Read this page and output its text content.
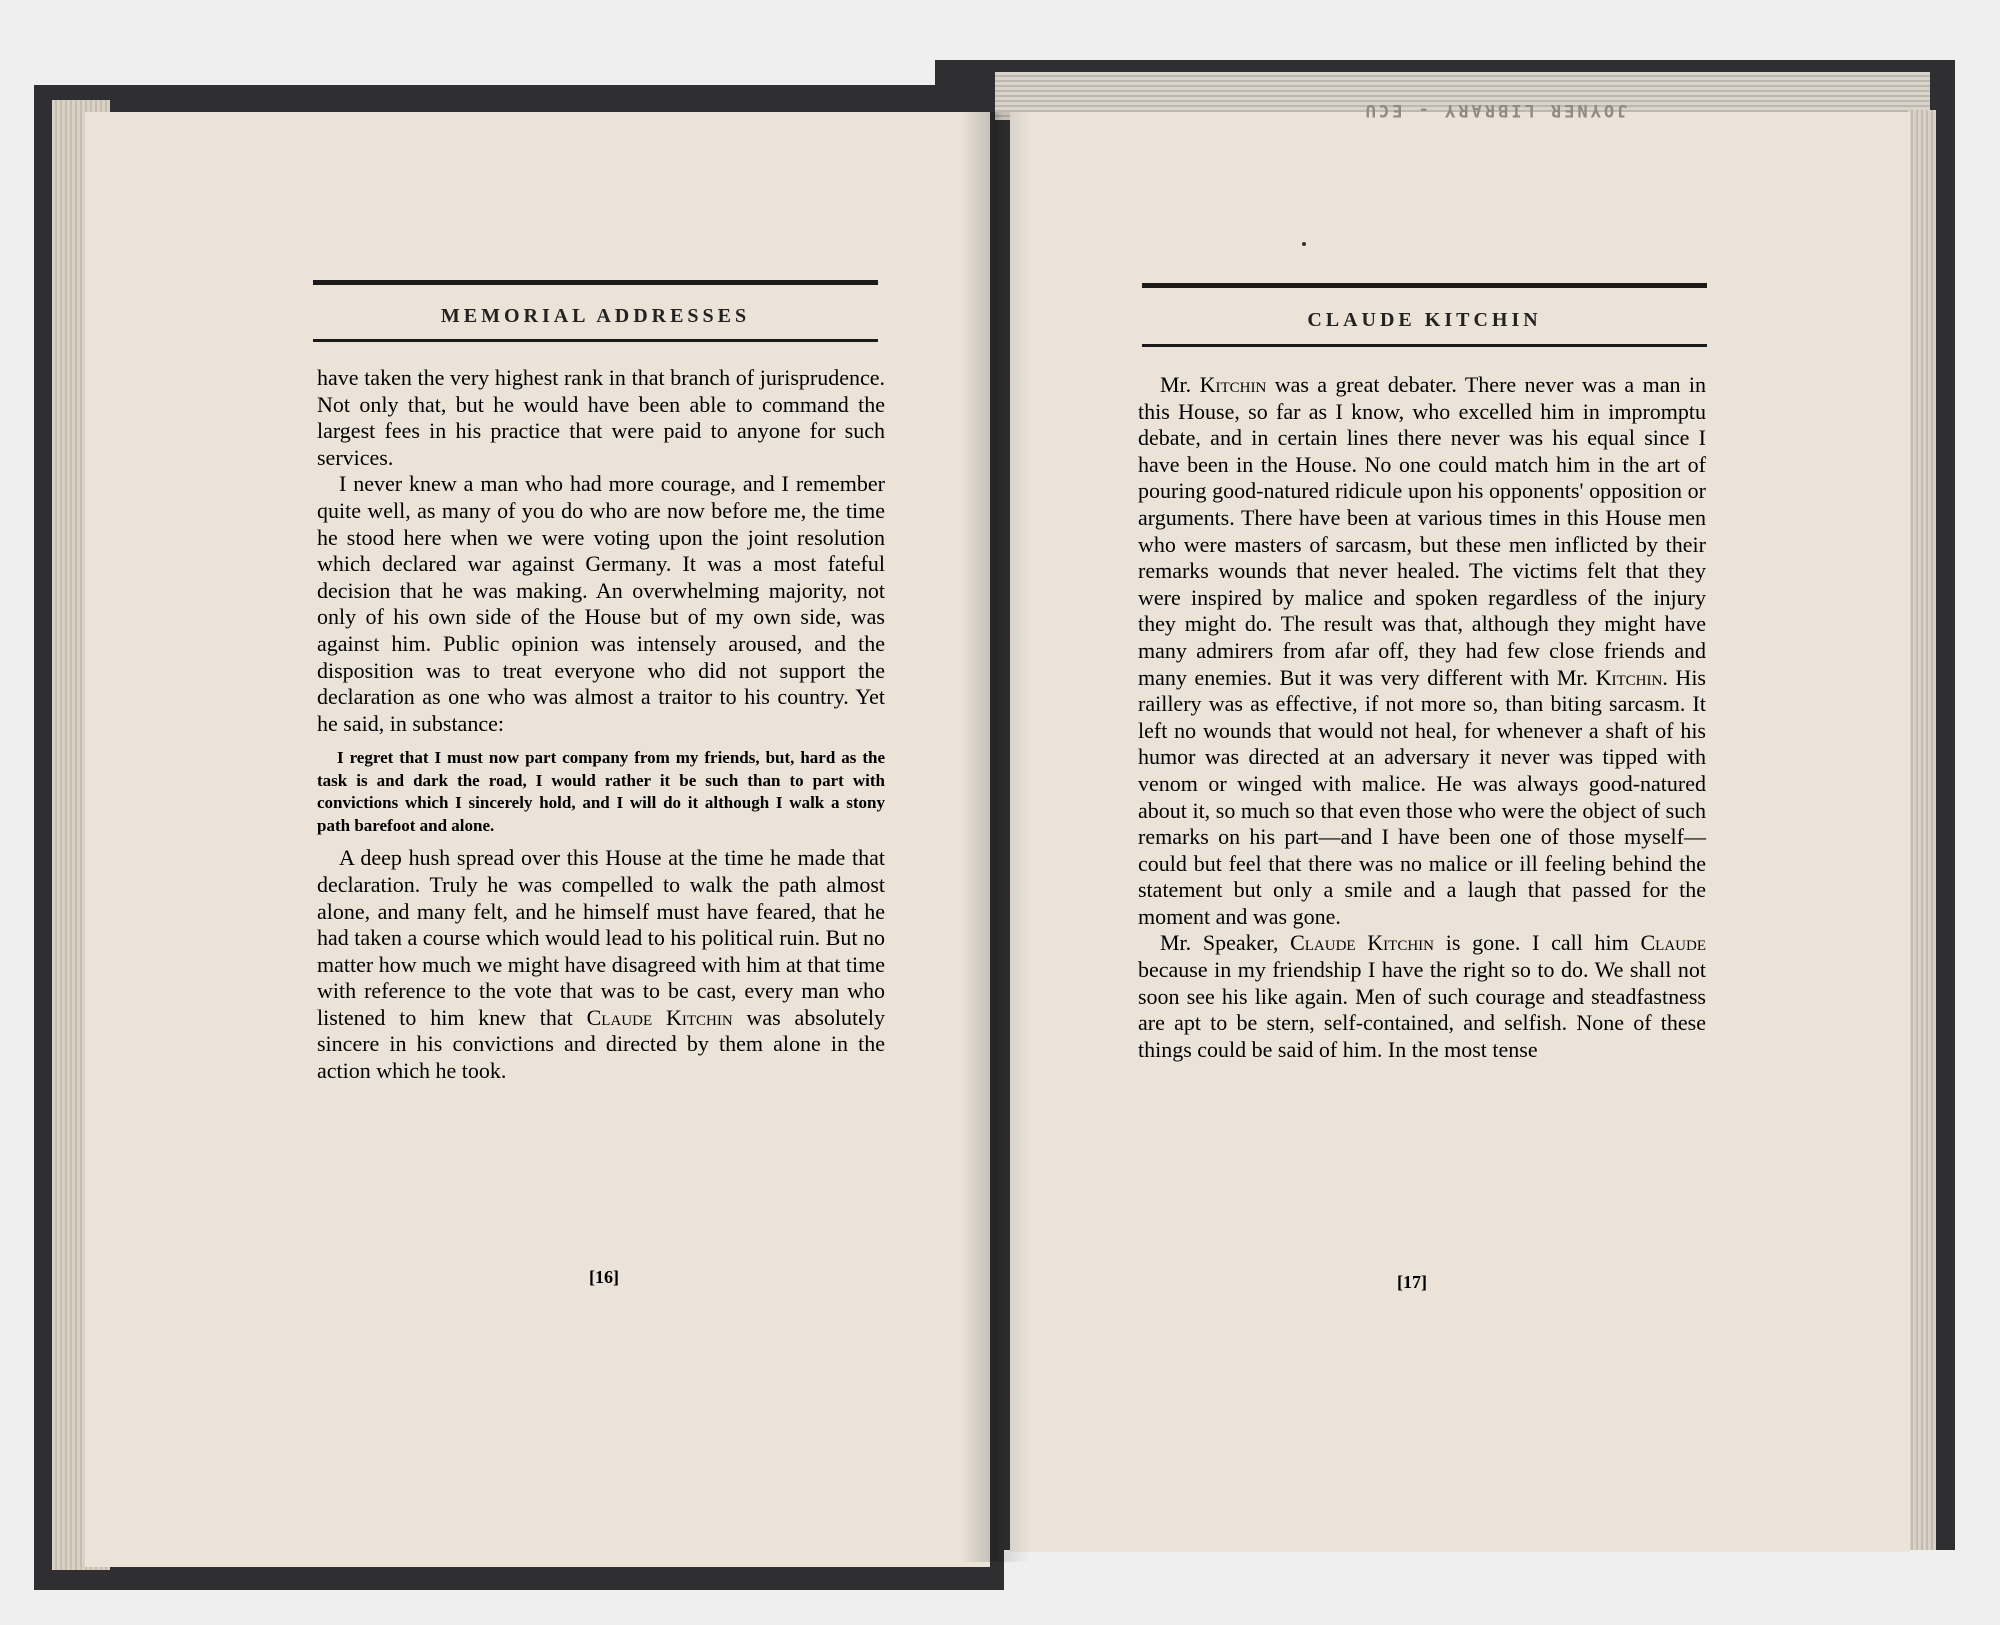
JOYNER LIBRARY - ECU
MEMORIAL ADDRESSES

have taken the very highest rank in that branch of jurisprudence. Not only that, but he would have been able to command the largest fees in his practice that were paid to anyone for such services.

I never knew a man who had more courage, and I remember quite well, as many of you do who are now before me, the time he stood here when we were voting upon the joint resolution which declared war against Germany. It was a most fateful decision that he was making. An overwhelming majority, not only of his own side of the House but of my own side, was against him. Public opinion was intensely aroused, and the disposition was to treat everyone who did not support the declaration as one who was almost a traitor to his country. Yet he said, in substance:

I regret that I must now part company from my friends, but, hard as the task is and dark the road, I would rather it be such than to part with convictions which I sincerely hold, and I will do it although I walk a stony path barefoot and alone.

A deep hush spread over this House at the time he made that declaration. Truly he was compelled to walk the path almost alone, and many felt, and he himself must have feared, that he had taken a course which would lead to his political ruin. But no matter how much we might have disagreed with him at that time with reference to the vote that was to be cast, every man who listened to him knew that Claude Kitchin was absolutely sincere in his convictions and directed by them alone in the action which he took.

[16]
CLAUDE KITCHIN

Mr. Kitchin was a great debater. There never was a man in this House, so far as I know, who excelled him in impromptu debate, and in certain lines there never was his equal since I have been in the House. No one could match him in the art of pouring good-natured ridicule upon his opponents' opposition or arguments. There have been at various times in this House men who were masters of sarcasm, but these men inflicted by their remarks wounds that never healed. The victims felt that they were inspired by malice and spoken regardless of the injury they might do. The result was that, although they might have many admirers from afar off, they had few close friends and many enemies. But it was very different with Mr. Kitchin. His raillery was as effective, if not more so, than biting sarcasm. It left no wounds that would not heal, for whenever a shaft of his humor was directed at an adversary it never was tipped with venom or winged with malice. He was always good-natured about it, so much so that even those who were the object of such remarks on his part—and I have been one of those myself—could but feel that there was no malice or ill feeling behind the statement but only a smile and a laugh that passed for the moment and was gone.

Mr. Speaker, Claude Kitchin is gone. I call him Claude because in my friendship I have the right so to do. We shall not soon see his like again. Men of such courage and steadfastness are apt to be stern, self-contained, and selfish. None of these things could be said of him. In the most tense

[17]
